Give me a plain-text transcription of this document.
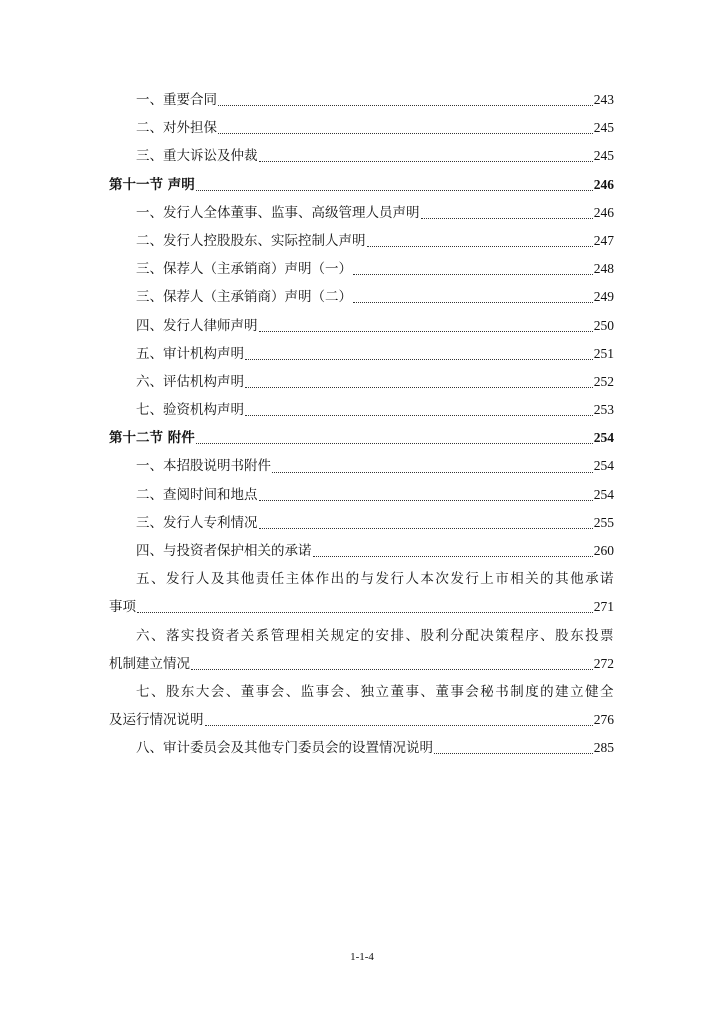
一、重要合同	243
二、对外担保	245
三、重大诉讼及仲裁	245
第十一节 声明	246
一、发行人全体董事、监事、高级管理人员声明	246
二、发行人控股股东、实际控制人声明	247
三、保荐人（主承销商）声明（一）	248
三、保荐人（主承销商）声明（二）	249
四、发行人律师声明	250
五、审计机构声明	251
六、评估机构声明	252
七、验资机构声明	253
第十二节 附件	254
一、本招股说明书附件	254
二、查阅时间和地点	254
三、发行人专利情况	255
四、与投资者保护相关的承诺	260
五 、 发 行 人 及 其 他 责 任 主 体 作 出 的 与 发 行 人 本 次 发 行 上 市 相 关 的 其 他 承 诺
事项	271
六 、 落 实 投 资 者 关 系 管 理 相 关 规 定 的 安 排 、 股 利 分 配 决 策 程 序 、 股 东 投 票
机制建立情况	272
七 、 股 东 大 会 、 董 事 会 、 监 事 会 、 独 立 董 事 、 董 事 会 秘 书 制 度 的 建 立 健 全
及运行情况说明	276
八、审计委员会及其他专门委员会的设置情况说明	285
1-1-4
